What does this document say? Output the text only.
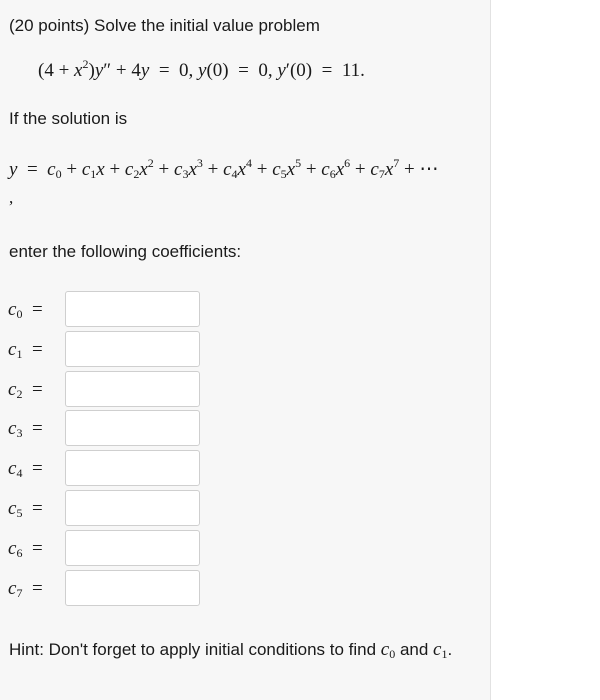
(20 points) Solve the initial value problem
$(4 + x^2)y'' + 4y = 0$, y(0)  =  0, y′(0)  =  11.
If the solution is
$y = c_0 + c_1x + c_2x^2 + c_3x^3 + c_4x^4 + c_5x^5 + c_6x^6 + c_7x^7$ + ⋯
,
enter the following coefficients:
$c_0$  =
$c_1$  =
$c_2$  =
$c_3$  =
$c_4$  =
$c_5$  =
$c_6$  =
$c_7$  =
Hint: Don't forget to apply initial conditions to find $c_0$ and $c_1$.
